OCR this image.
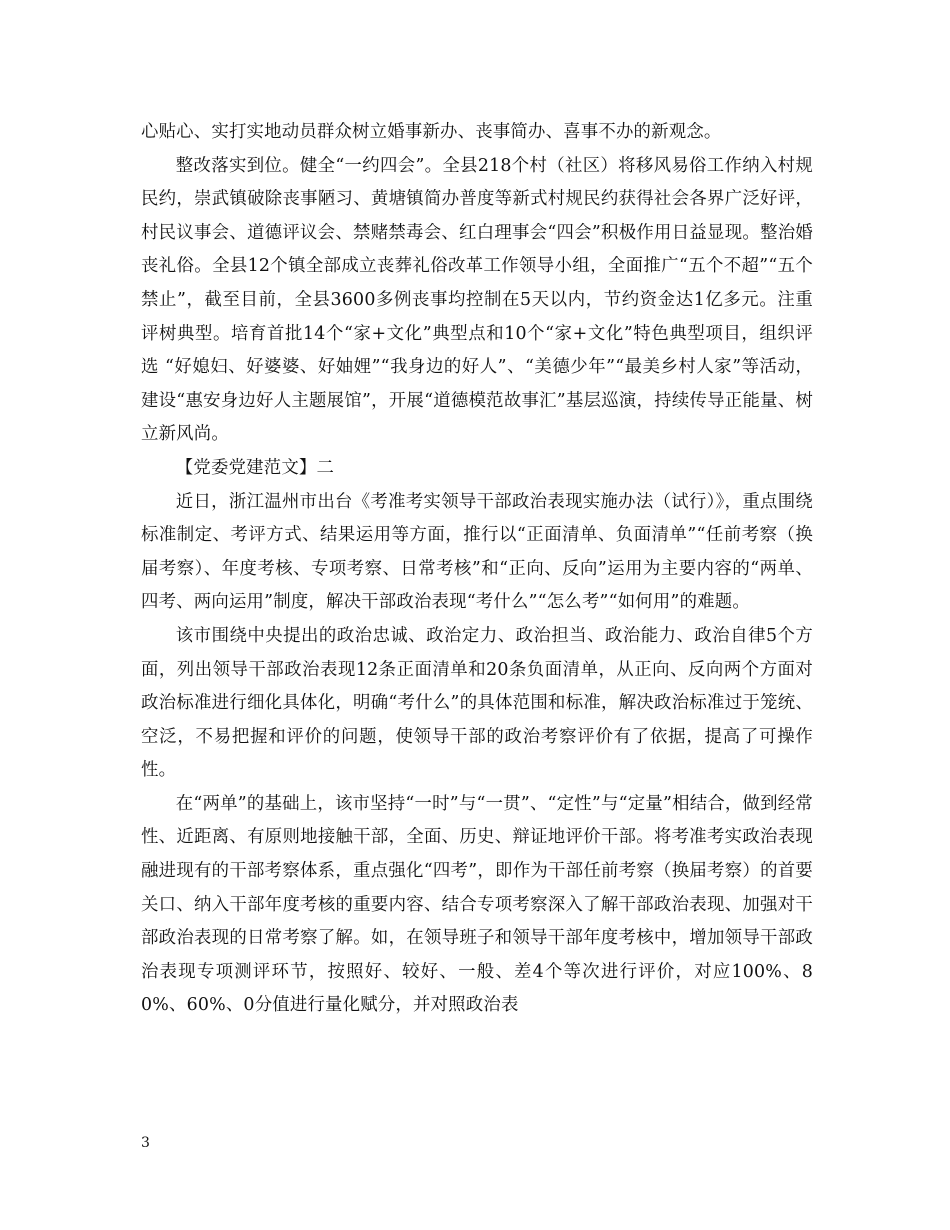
心贴心、实打实地动员群众树立婚事新办、丧事简办、喜事不办的新观念。

整改落实到位。健全“一约四会”。全县218个村（社区）将移风易俗工作纳入村规民约，崇武镇破除丧事陋习、黄塘镇简办普度等新式村规民约获得社会各界广泛好评，村民议事会、道德评议会、禁赌禁毒会、红白理事会“四会”积极作用日益显现。整治婚丧礼俗。全县12个镇全部成立丧葬礼俗改革工作领导小组，全面推广“五个不超”“五个禁止”，截至目前，全县3600多例丧事均控制在5天以内，节约资金达1亿多元。注重评树典型。培育首批14个“家+文化”典型点和10个“家+文化”特色典型项目，组织评选 “好媳妇、好婆婆、好妯娌”“我身边的好人”、“美德少年”“最美乡村人家”等活动，建设“惠安身边好人主题展馆”，开展“道德模范故事汇”基层巡演，持续传导正能量、树立新风尚。

【党委党建范文】二

近日，浙江温州市出台《考准考实领导干部政治表现实施办法（试行）》，重点围绕标准制定、考评方式、结果运用等方面，推行以“正面清单、负面清单”“任前考察（换届考察）、年度考核、专项考察、日常考核”和“正向、反向”运用为主要内容的“两单、四考、两向运用”制度，解决干部政治表现“考什么”“怎么考”“如何用”的难题。

该市围绕中央提出的政治忠诚、政治定力、政治担当、政治能力、政治自律5个方面，列出领导干部政治表现12条正面清单和20条负面清单，从正向、反向两个方面对政治标准进行细化具体化，明确“考什么”的具体范围和标准，解决政治标准过于笼统、空泛，不易把握和评价的问题，使领导干部的政治考察评价有了依据，提高了可操作性。

在“两单”的基础上，该市坚持“一时”与“一贯”、“定性”与“定量”相结合，做到经常性、近距离、有原则地接触干部，全面、历史、辩证地评价干部。将考准考实政治表现融进现有的干部考察体系，重点强化“四考”，即作为干部任前考察（换届考察）的首要关口、纳入干部年度考核的重要内容、结合专项考察深入了解干部政治表现、加强对干部政治表现的日常考察了解。如，在领导班子和领导干部年度考核中，增加领导干部政治表现专项测评环节，按照好、较好、一般、差4个等次进行评价，对应100%、80%、60%、0分值进行量化赋分，并对照政治表

3
